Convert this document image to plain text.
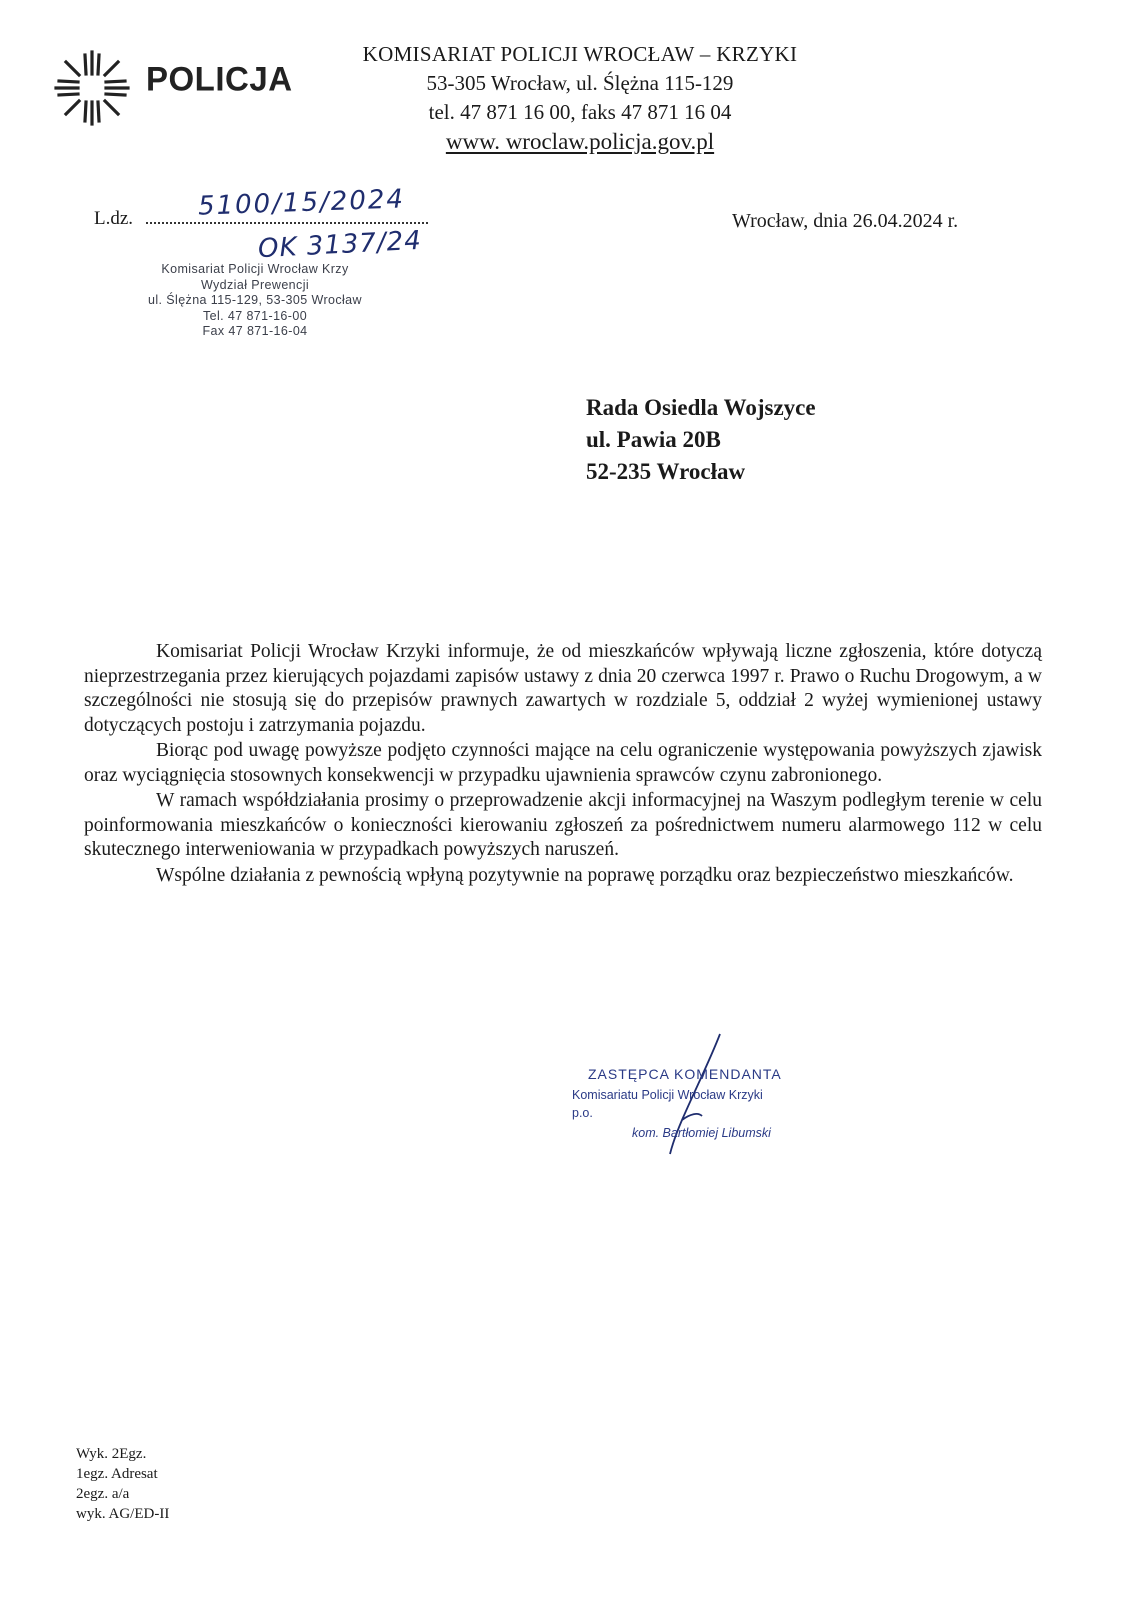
POLICJA
KOMISARIAT POLICJI WROCŁAW – KRZYKI
53-305 Wrocław, ul. Ślężna 115-129
tel. 47 871 16 00, faks 47 871 16 04
www. wroclaw.policja.gov.pl
L.dz. 5100/15/2024
OK 3137/24
Wrocław, dnia 26.04.2024 r.
Komisariat Policji Wrocław Krzy
Wydział Prewencji
ul. Ślężna 115-129, 53-305 Wrocław
Tel. 47 871-16-00
Fax 47 871-16-04
Rada Osiedla Wojszyce
ul. Pawia 20B
52-235 Wrocław

Komisariat Policji Wrocław Krzyki informuje, że od mieszkańców wpływają liczne zgłoszenia, które dotyczą nieprzestrzegania przez kierujących pojazdami zapisów ustawy z dnia 20 czerwca 1997 r. Prawo o Ruchu Drogowym, a w szczególności nie stosują się do przepisów prawnych zawartych w rozdziale 5, oddział 2 wyżej wymienionej ustawy dotyczących postoju i zatrzymania pojazdu.

Biorąc pod uwagę powyższe podjęto czynności mające na celu ograniczenie występowania powyższych zjawisk oraz wyciągnięcia stosownych konsekwencji w przypadku ujawnienia sprawców czynu zabronionego.

W ramach współdziałania prosimy o przeprowadzenie akcji informacyjnej na Waszym podległym terenie w celu poinformowania mieszkańców o konieczności kierowaniu zgłoszeń za pośrednictwem numeru alarmowego 112 w celu skutecznego interweniowania w przypadkach powyższych naruszeń.

Wspólne działania z pewnością wpłyną pozytywnie na poprawę porządku oraz bezpieczeństwo mieszkańców.

ZASTĘPCA KOMENDANTA
Komisariatu Policji Wrocław Krzyki
p.o.
kom. Bartłomiej Libumski
Wyk. 2Egz.
1egz. Adresat
2egz. a/a
wyk. AG/ED-II
